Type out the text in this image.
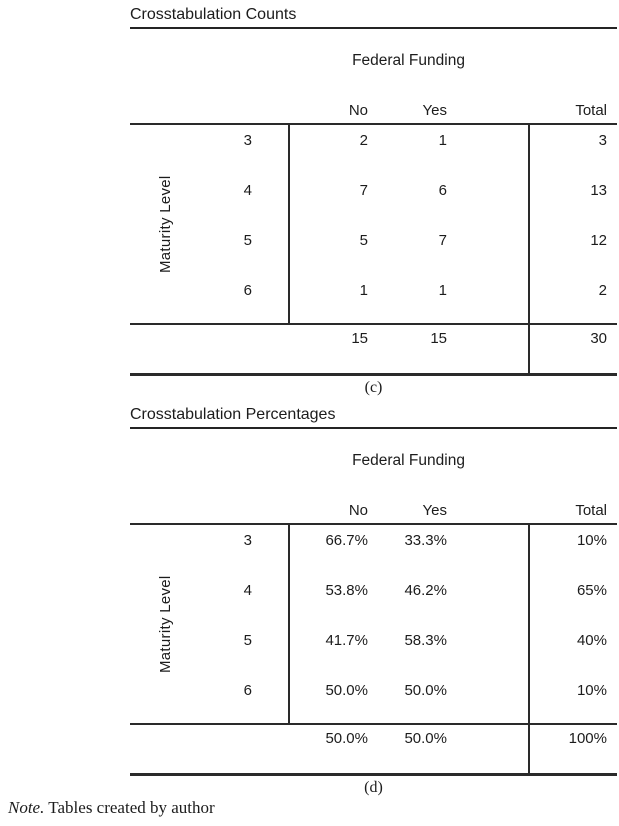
Crosstabulation Counts
Federal Funding
No	Yes	Total
Maturity Level
3	2	1	3
4	7	6	13
5	5	7	12
6	1	1	2
15	15	30
(c)
Crosstabulation Percentages
Federal Funding
No	Yes	Total
Maturity Level
3	66.7%	33.3%	10%
4	53.8%	46.2%	65%
5	41.7%	58.3%	40%
6	50.0%	50.0%	10%
50.0%	50.0%	100%
(d)

Note. Tables created by author
